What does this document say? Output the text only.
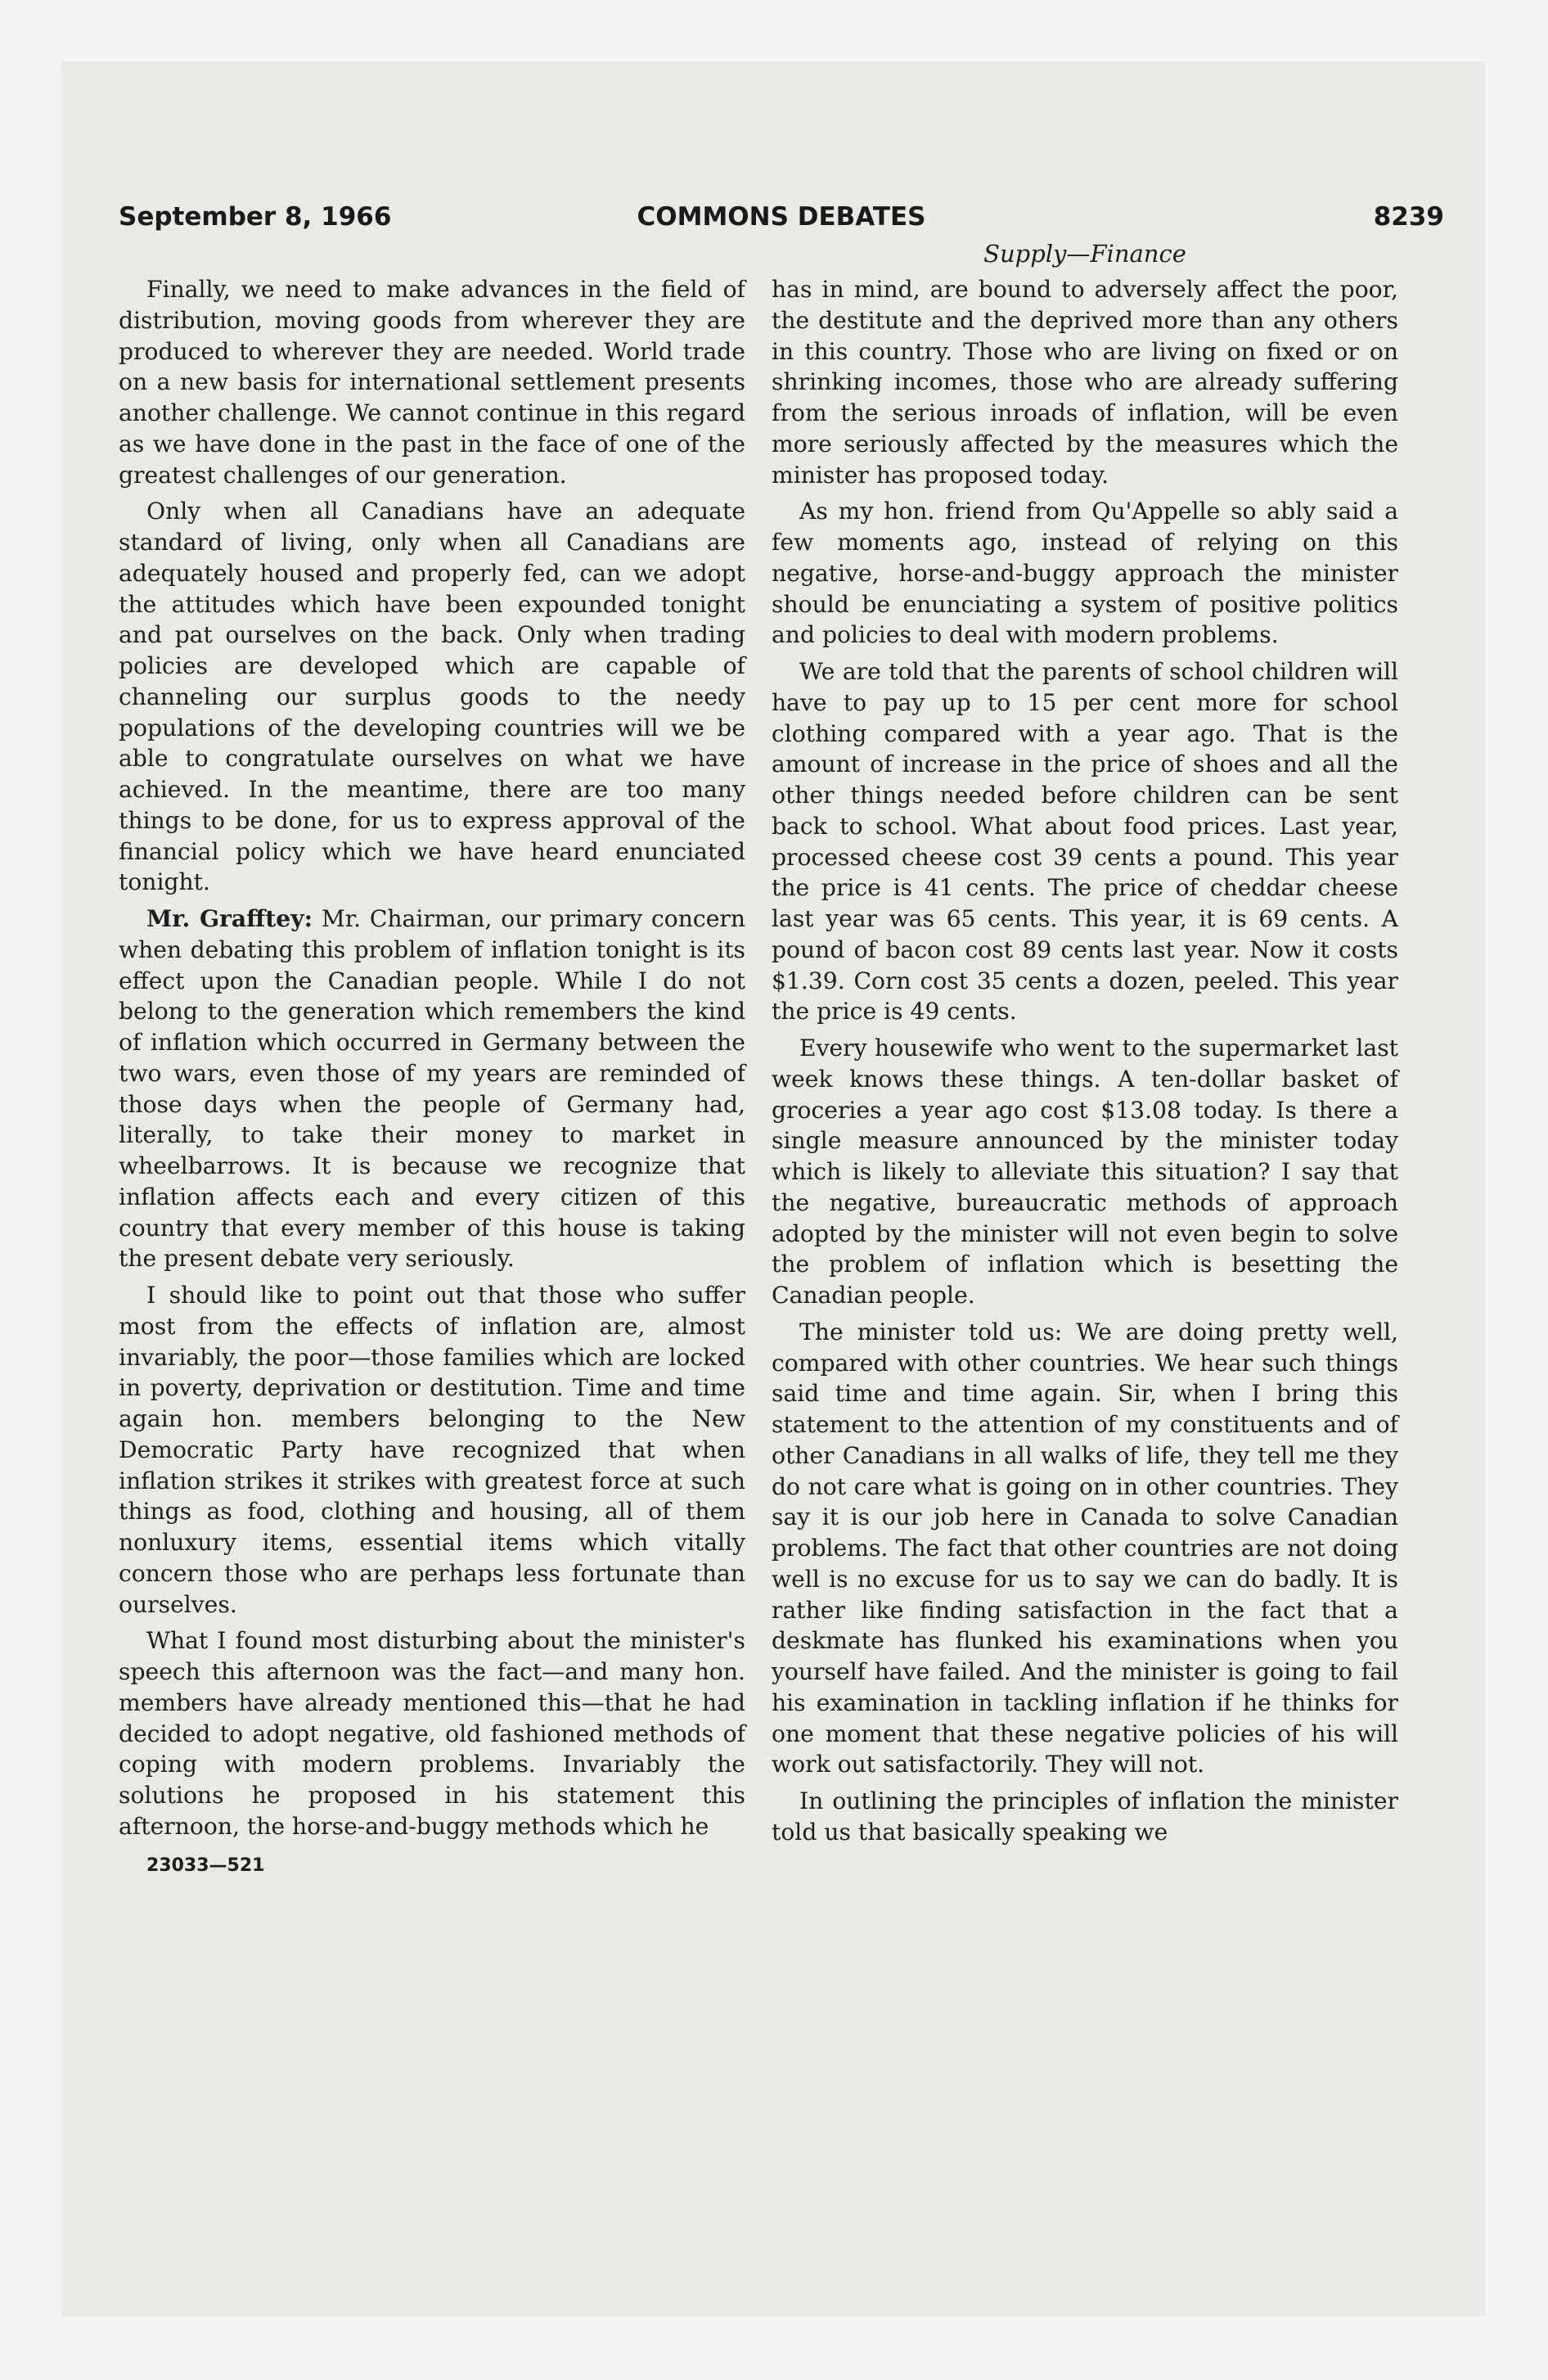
September 8, 1966	COMMONS DEBATES	8239

Finally, we need to make advances in the field of distribution, moving goods from wherever they are produced to wherever they are needed. World trade on a new basis for international settlement presents another challenge. We cannot continue in this regard as we have done in the past in the face of one of the greatest challenges of our generation.

Only when all Canadians have an adequate standard of living, only when all Canadians are adequately housed and properly fed, can we adopt the attitudes which have been expounded tonight and pat ourselves on the back. Only when trading policies are developed which are capable of channeling our surplus goods to the needy populations of the developing countries will we be able to congratulate ourselves on what we have achieved. In the meantime, there are too many things to be done, for us to express approval of the financial policy which we have heard enunciated tonight.

Mr. Grafftey: Mr. Chairman, our primary concern when debating this problem of inflation tonight is its effect upon the Canadian people. While I do not belong to the generation which remembers the kind of inflation which occurred in Germany between the two wars, even those of my years are reminded of those days when the people of Germany had, literally, to take their money to market in wheelbarrows. It is because we recognize that inflation affects each and every citizen of this country that every member of this house is taking the present debate very seriously.

I should like to point out that those who suffer most from the effects of inflation are, almost invariably, the poor—those families which are locked in poverty, deprivation or destitution. Time and time again hon. members belonging to the New Democratic Party have recognized that when inflation strikes it strikes with greatest force at such things as food, clothing and housing, all of them nonluxury items, essential items which vitally concern those who are perhaps less fortunate than ourselves.

What I found most disturbing about the minister's speech this afternoon was the fact—and many hon. members have already mentioned this—that he had decided to adopt negative, old fashioned methods of coping with modern problems. Invariably the solutions he proposed in his statement this afternoon, the horse-and-buggy methods which he

23033—521
Supply—Finance

has in mind, are bound to adversely affect the poor, the destitute and the deprived more than any others in this country. Those who are living on fixed or on shrinking incomes, those who are already suffering from the serious inroads of inflation, will be even more seriously affected by the measures which the minister has proposed today.

As my hon. friend from Qu'Appelle so ably said a few moments ago, instead of relying on this negative, horse-and-buggy approach the minister should be enunciating a system of positive politics and policies to deal with modern problems.

We are told that the parents of school children will have to pay up to 15 per cent more for school clothing compared with a year ago. That is the amount of increase in the price of shoes and all the other things needed before children can be sent back to school. What about food prices. Last year, processed cheese cost 39 cents a pound. This year the price is 41 cents. The price of cheddar cheese last year was 65 cents. This year, it is 69 cents. A pound of bacon cost 89 cents last year. Now it costs $1.39. Corn cost 35 cents a dozen, peeled. This year the price is 49 cents.

Every housewife who went to the supermarket last week knows these things. A ten-dollar basket of groceries a year ago cost $13.08 today. Is there a single measure announced by the minister today which is likely to alleviate this situation? I say that the negative, bureaucratic methods of approach adopted by the minister will not even begin to solve the problem of inflation which is besetting the Canadian people.

The minister told us: We are doing pretty well, compared with other countries. We hear such things said time and time again. Sir, when I bring this statement to the attention of my constituents and of other Canadians in all walks of life, they tell me they do not care what is going on in other countries. They say it is our job here in Canada to solve Canadian problems. The fact that other countries are not doing well is no excuse for us to say we can do badly. It is rather like finding satisfaction in the fact that a deskmate has flunked his examinations when you yourself have failed. And the minister is going to fail his examination in tackling inflation if he thinks for one moment that these negative policies of his will work out satisfactorily. They will not.

In outlining the principles of inflation the minister told us that basically speaking we
